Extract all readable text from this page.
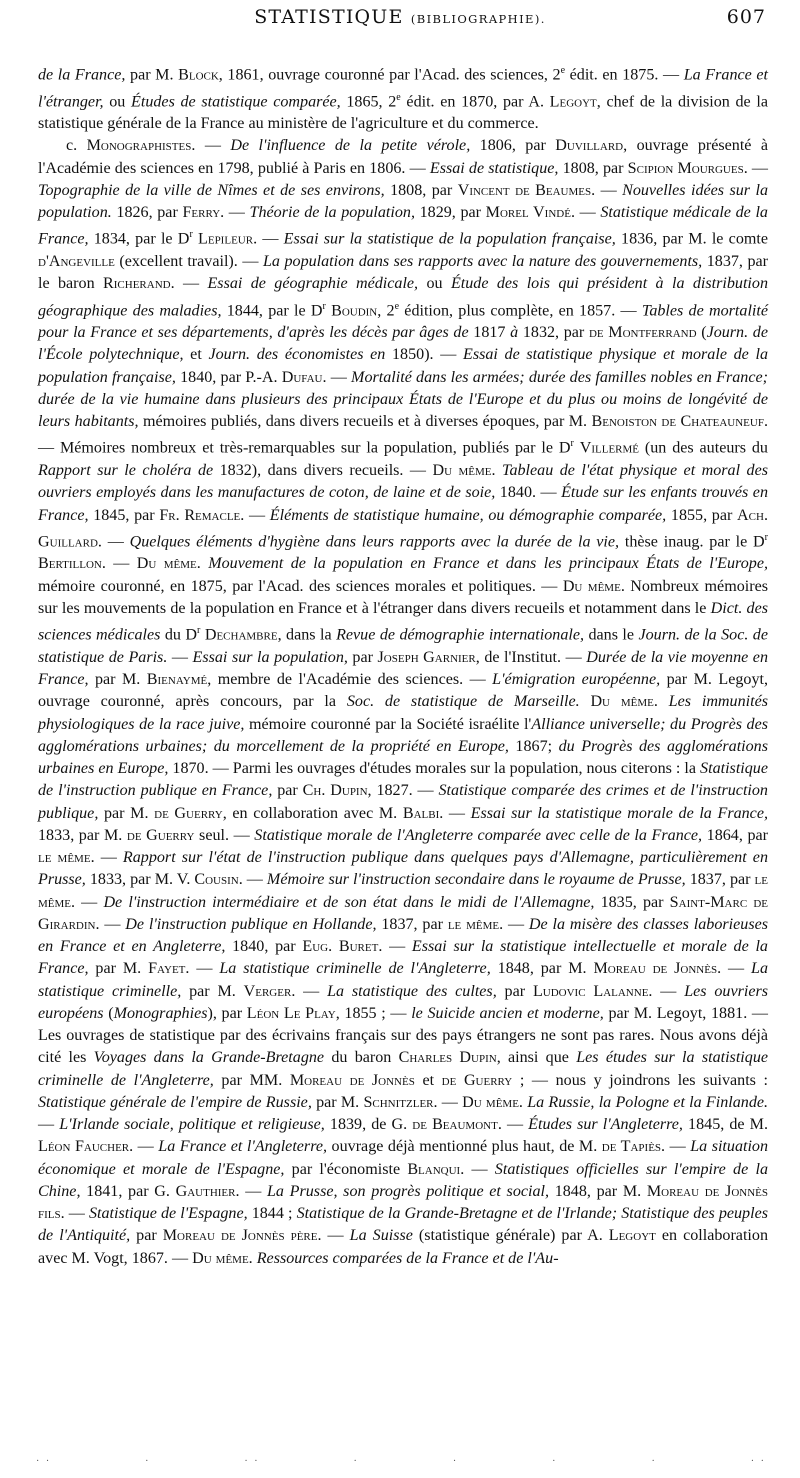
STATISTIQUE (BIBLIOGRAPHIE).	607

de la France, par M. Block, 1861, ouvrage couronné par l'Acad. des sciences, 2e édit. en 1875. — La France et l'étranger, ou Études de statistique comparée, 1865, 2e édit. en 1870, par A. Legoyt, chef de la division de la statistique générale de la France au ministère de l'agriculture et du commerce.

c. Monographistes. — De l'influence de la petite vérole, 1806, par Duvillard, ouvrage présenté à l'Académie des sciences en 1798, publié à Paris en 1806. — Essai de statistique, 1808, par Scipion Mourgues. — Topographie de la ville de Nîmes et de ses environs, 1808, par Vincent de Beaumes. — Nouvelles idées sur la population. 1826, par Ferry. — Théorie de la population, 1829, par Morel Vindé. — Statistique médicale de la France, 1834, par le $D^r$ Lepileur. — Essai sur la statistique de la population française, 1836, par M. le comte d'Angeville (excellent travail). — La population dans ses rapports avec la nature des gouvernements, 1837, par le baron Richerand. — Essai de géographie médicale, ou Étude des lois qui président à la distribution géographique des maladies, 1844, par le $D^r$ Boudin, 2e édition, plus complète, en 1857. — Tables de mortalité pour la France et ses départements, d'après les décès par âges de 1817 à 1832, par de Montferrand (Journ. de l'École polytechnique, et Journ. des économistes en 1850). — Essai de statistique physique et morale de la population française, 1840, par P.-A. Dufau. — Mortalité dans les armées; durée des familles nobles en France; durée de la vie humaine dans plusieurs des principaux États de l'Europe et du plus ou moins de longévité de leurs habitants, mémoires publiés, dans divers recueils et à diverses époques, par M. Benoiston de Chateauneuf. — Mémoires nombreux et très-remarquables sur la population, publiés par le $D^r$ Villermé (un des auteurs du Rapport sur le choléra de 1832), dans divers recueils. — Du même. Tableau de l'état physique et moral des ouvriers employés dans les manufactures de coton, de laine et de soie, 1840. — Étude sur les enfants trouvés en France, 1845, par Fr. Remacle. — Éléments de statistique humaine, ou démographie comparée, 1855, par Ach. Guillard. — Quelques éléments d'hygiène dans leurs rapports avec la durée de la vie, thèse inaug. par le $D^r$ Bertillon. — Du même. Mouvement de la population en France et dans les principaux États de l'Europe, mémoire couronné, en 1875, par l'Acad. des sciences morales et politiques. — Du même. Nombreux mémoires sur les mouvements de la population en France et à l'étranger dans divers recueils et notamment dans le Dict. des sciences médicales du $D^r$ Dechambre, dans la Revue de démographie internationale, dans le Journ. de la Soc. de statistique de Paris. — Essai sur la population, par Joseph Garnier, de l'Institut. — Durée de la vie moyenne en France, par M. Bienaymé, membre de l'Académie des sciences. — L'émigration européenne, par M. Legoyt, ouvrage couronné, après concours, par la Soc. de statistique de Marseille. Du même. Les immunités physiologiques de la race juive, mémoire couronné par la Société israélite l'Alliance universelle; du Progrès des agglomérations urbaines; du morcellement de la propriété en Europe, 1867; du Progrès des agglomérations urbaines en Europe, 1870. — Parmi les ouvrages d'études morales sur la population, nous citerons : la Statistique de l'instruction publique en France, par Ch. Dupin, 1827. — Statistique comparée des crimes et de l'instruction publique, par M. de Guerry, en collaboration avec M. Balbi. — Essai sur la statistique morale de la France, 1833, par M. de Guerry seul. — Statistique morale de l'Angleterre comparée avec celle de la France, 1864, par le même. — Rapport sur l'état de l'instruction publique dans quelques pays d'Allemagne, particulièrement en Prusse, 1833, par M. V. Cousin. — Mémoire sur l'instruction secondaire dans le royaume de Prusse, 1837, par le même. — De l'instruction intermédiaire et de son état dans le midi de l'Allemagne, 1835, par Saint-Marc de Girardin. — De l'instruction publique en Hollande, 1837, par le même. — De la misère des classes laborieuses en France et en Angleterre, 1840, par Eug. Buret. — Essai sur la statistique intellectuelle et morale de la France, par M. Fayet. — La statistique criminelle de l'Angleterre, 1848, par M. Moreau de Jonnès. — La statistique criminelle, par M. Verger. — La statistique des cultes, par Ludovic Lalanne. — Les ouvriers européens (Monographies), par Léon Le Play, 1855 ; — le Suicide ancien et moderne, par M. Legoyt, 1881. — Les ouvrages de statistique par des écrivains français sur des pays étrangers ne sont pas rares. Nous avons déjà cité les Voyages dans la Grande-Bretagne du baron Charles Dupin, ainsi que Les études sur la statistique criminelle de l'Angleterre, par MM. Moreau de Jonnès et de Guerry ; — nous y joindrons les suivants : Statistique générale de l'empire de Russie, par M. Schnitzler. — Du même. La Russie, la Pologne et la Finlande. — L'Irlande sociale, politique et religieuse, 1839, de G. de Beaumont. — Études sur l'Angleterre, 1845, de M. Léon Faucher. — La France et l'Angleterre, ouvrage déjà mentionné plus haut, de M. de Tapiès. — La situation économique et morale de l'Espagne, par l'économiste Blanqui. — Statistiques officielles sur l'empire de la Chine, 1841, par G. Gauthier. — La Prusse, son progrès politique et social, 1848, par M. Moreau de Jonnès fils. — Statistique de l'Espagne, 1844 ; Statistique de la Grande-Bretagne et de l'Irlande; Statistique des peuples de l'Antiquité, par Moreau de Jonnès père. — La Suisse (statistique générale) par A. Legoyt en collaboration avec M. Vogt, 1867. — Du même. Ressources comparées de la France et de l'Au-

· ·	·	· ·	·	·	·	·	· ·
